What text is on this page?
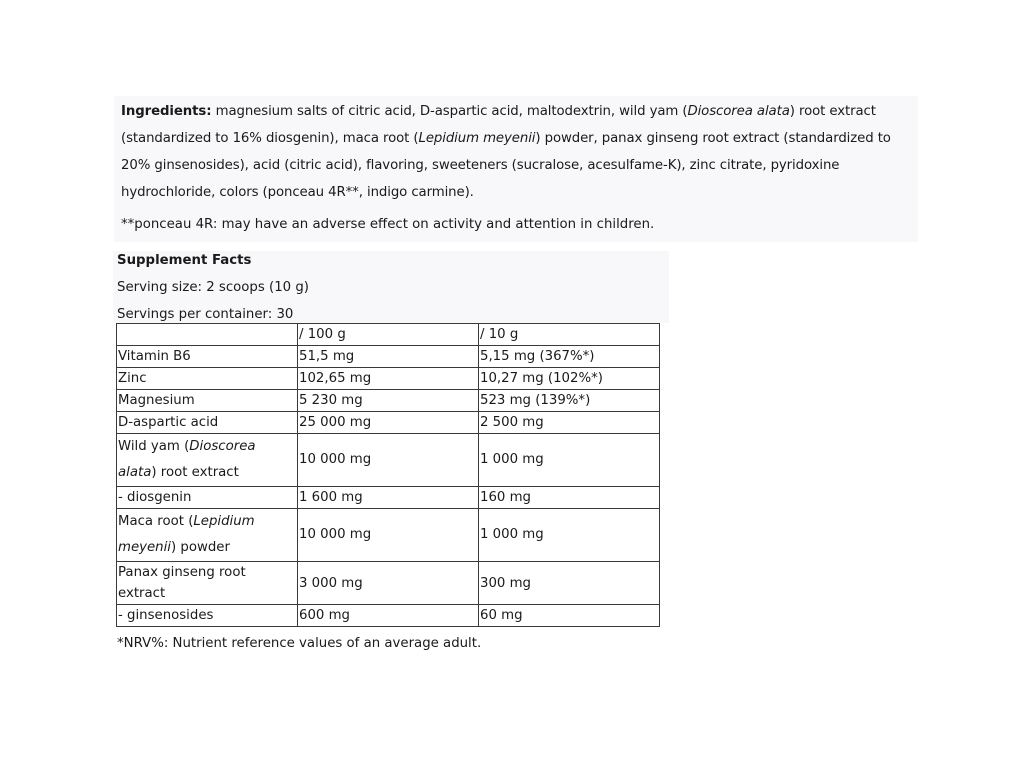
Ingredients: magnesium salts of citric acid, D-aspartic acid, maltodextrin, wild yam (Dioscorea alata) root extract (standardized to 16% diosgenin), maca root (Lepidium meyenii) powder, panax ginseng root extract (standardized to 20% ginsenosides), acid (citric acid), flavoring, sweeteners (sucralose, acesulfame-K), zinc citrate, pyridoxine hydrochloride, colors (ponceau 4R**, indigo carmine).

**ponceau 4R: may have an adverse effect on activity and attention in children.

Supplement Facts
Serving size: 2 scoops (10 g)
Servings per container: 30
	/ 100 g	/ 10 g
Vitamin B6	51,5 mg	5,15 mg (367%*)
Zinc	102,65 mg	10,27 mg (102%*)
Magnesium	5 230 mg	523 mg (139%*)
D-aspartic acid	25 000 mg	2 500 mg
Wild yam (Dioscorea alata) root extract	10 000 mg	1 000 mg
- diosgenin	1 600 mg	160 mg
Maca root (Lepidium meyenii) powder	10 000 mg	1 000 mg
Panax ginseng root extract	3 000 mg	300 mg
- ginsenosides	600 mg	60 mg
*NRV%: Nutrient reference values of an average adult.
